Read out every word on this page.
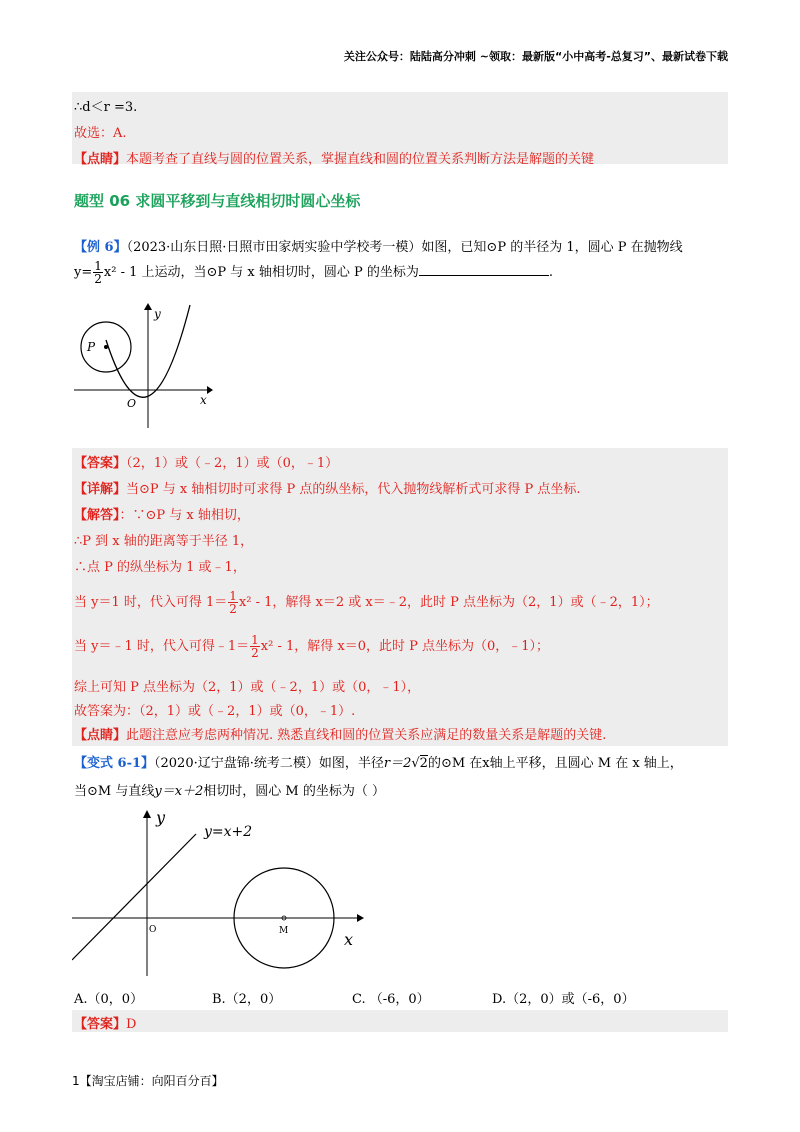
关注公众号：陆陆高分冲刺 ~领取：最新版“小中高考-总复习”、最新试卷下载
∴d＜r =3.
故选：A.
【点睛】本题考查了直线与圆的位置关系，掌握直线和圆的位置关系判断方法是解题的关键
题型 06 求圆平移到与直线相切时圆心坐标
【例 6】（2023·山东日照·日照市田家炳实验中学校考一模）如图，已知⊙P 的半径为 1，圆心 P 在抛物线
$y= \frac{1}{2} x^2 - 1$ 上运动，当⊙P 与 x 轴相切时，圆心 P 的坐标为	.
P
O	x
y
【答案】（2，1）或（﹣2，1）或（0，﹣1）
【详解】当⊙P 与 x 轴相切时可求得 P 点的纵坐标，代入抛物线解析式可求得 P 点坐标.
【解答】：∵⊙P 与 x 轴相切，
∴P 到 x 轴的距离等于半径 1，
∴点 P 的纵坐标为 1 或﹣1，
当 y＝1 时，代入可得 $1= \frac{1}{2} x^2 - 1$，解得 x＝2 或 x＝﹣2，此时 P 点坐标为（2，1）或（﹣2，1）；
当 y＝﹣1 时，代入可得﹣1＝ $\frac{1}{2} x^2 - 1$，解得 x＝0，此时 P 点坐标为（0，﹣1）；
综上可知 P 点坐标为（2，1）或（﹣2，1）或（0，﹣1），
故答案为：（2，1）或（﹣2，1）或（0，﹣1）.
【点睛】此题注意应考虑两种情况. 熟悉直线和圆的位置关系应满足的数量关系是解题的关键.
【变式 6-1】（2020·辽宁盘锦·统考二模）如图，半径r＝2√2的⊙M 在x轴上平移，且圆心 M 在 x 轴上，
当⊙M 与直线y＝x＋2相切时，圆心 M 的坐标为（ ）
y=x+2
O	M	x
y
A.（0，0）	B.（2，0）	C. （-6，0）	D.（2，0）或（-6，0）
【答案】D
1【淘宝店铺：向阳百分百】
